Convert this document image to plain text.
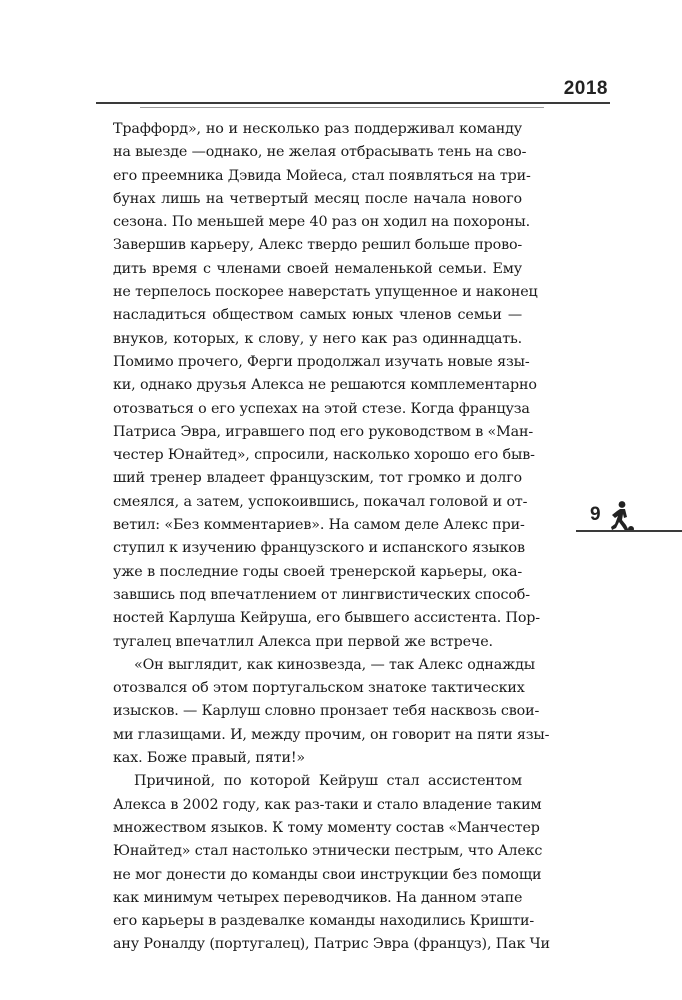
2018
Траффорд», но и несколько раз поддерживал команду
на выезде —однако, не желая отбрасывать тень на сво-
его преемника Дэвида Мойеса, стал появляться на три-
бунах лишь на четвертый месяц после начала нового
сезона. По меньшей мере 40 раз он ходил на похороны.
Завершив карьеру, Алекс твердо решил больше прово-
дить время с членами своей немаленькой семьи. Ему
не терпелось поскорее наверстать упущенное и наконец
насладиться обществом самых юных членов семьи —
внуков, которых, к слову, у него как раз одиннадцать.
Помимо прочего, Ферги продолжал изучать новые язы-
ки, однако друзья Алекса не решаются комплементарно
отозваться о его успехах на этой стезе. Когда француза
Патриса Эвра, игравшего под его руководством в «Ман-
честер Юнайтед», спросили, насколько хорошо его быв-
ший тренер владеет французским, тот громко и долго
смеялся, а затем, успокоившись, покачал головой и от-
ветил: «Без комментариев». На самом деле Алекс при-
ступил к изучению французского и испанского языков
уже в последние годы своей тренерской карьеры, ока-
завшись под впечатлением от лингвистических способ-
ностей Карлуша Кейруша, его бывшего ассистента. Пор-
тугалец впечатлил Алекса при первой же встрече.
«Он выглядит, как кинозвезда, — так Алекс однажды
отозвался об этом португальском знатоке тактических
изысков. — Карлуш словно пронзает тебя насквозь свои-
ми глазищами. И, между прочим, он говорит на пяти язы-
ках. Боже правый, пяти!»
Причиной, по которой Кейруш стал ассистентом
Алекса в 2002 году, как раз-таки и стало владение таким
множеством языков. К тому моменту состав «Манчестер
Юнайтед» стал настолько этнически пестрым, что Алекс
не мог донести до команды свои инструкции без помощи
как минимум четырех переводчиков. На данном этапе
его карьеры в раздевалке команды находились Кришти-
ану Роналду (португалец), Патрис Эвра (француз), Пак Чи
9
